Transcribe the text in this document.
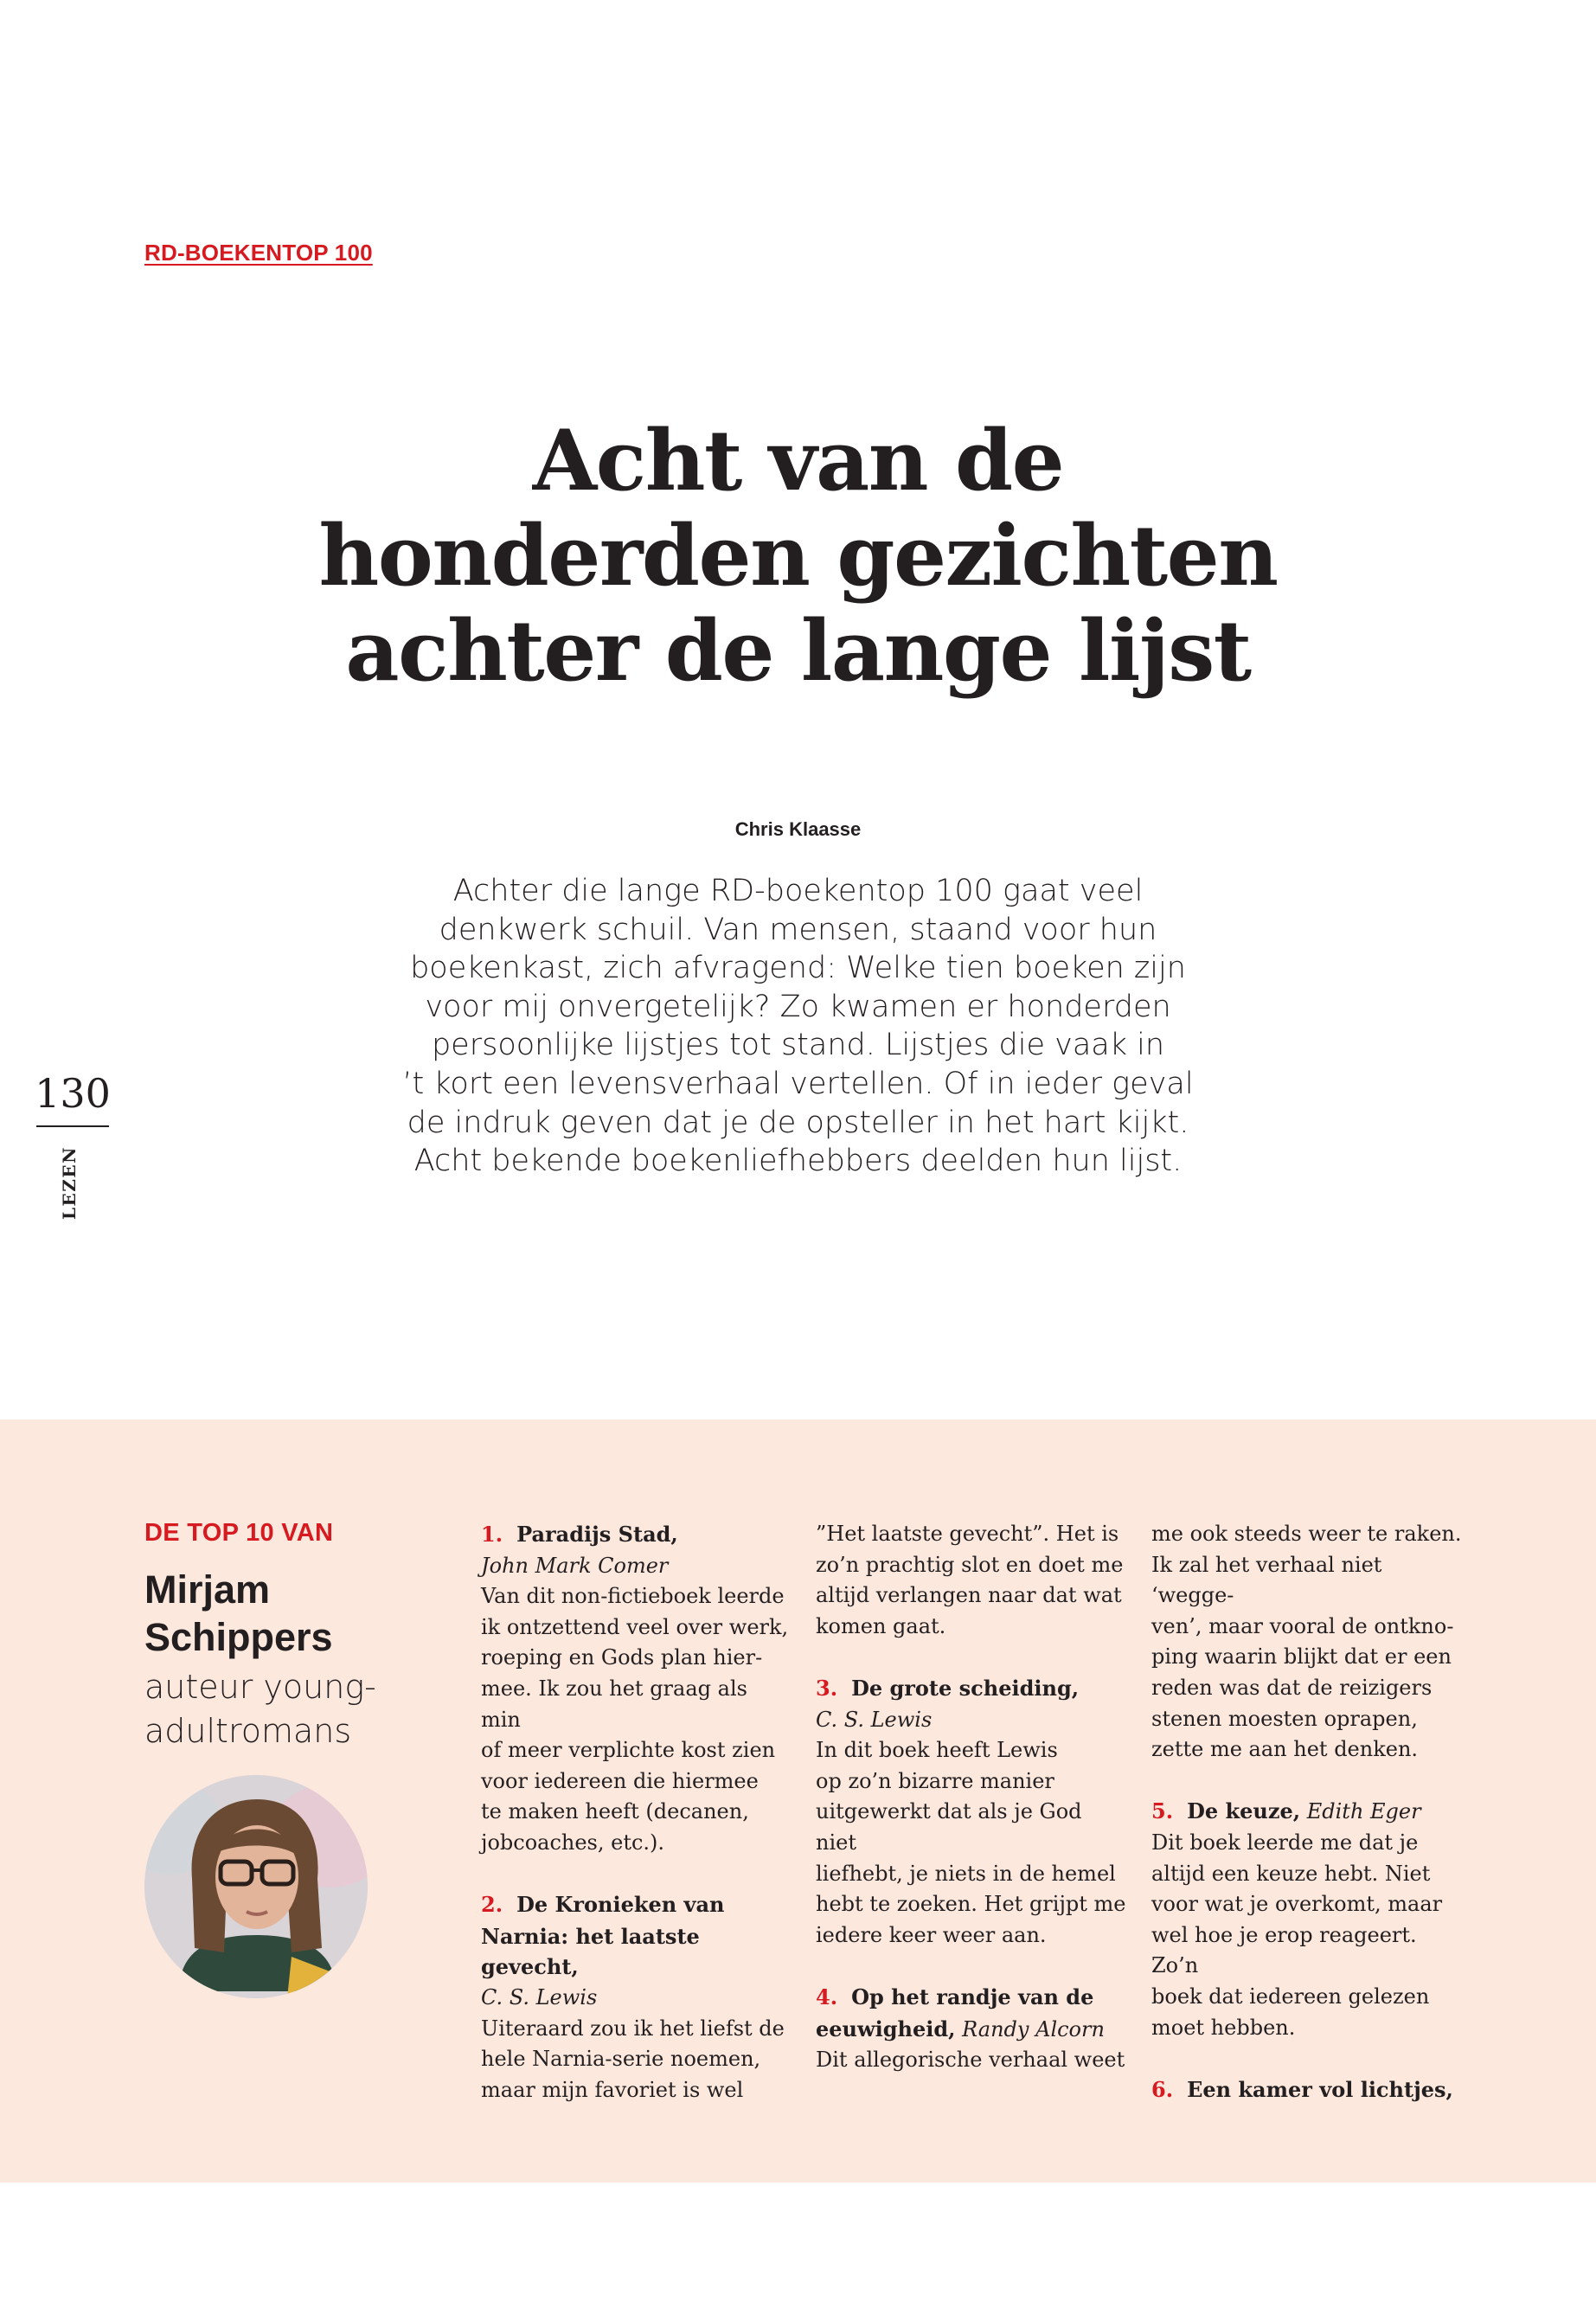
RD-BOEKENTOP 100

Acht van de
honderden gezichten
achter de lange lijst

Chris Klaasse

Achter die lange RD-boekentop 100 gaat veel
denkwerk schuil. Van mensen, staand voor hun
boekenkast, zich afvragend: Welke tien boeken zijn
voor mij onvergetelijk? Zo kwamen er honderden
persoonlijke lijstjes tot stand. Lijstjes die vaak in
’t kort een levensverhaal vertellen. Of in ieder geval
de indruk geven dat je de opsteller in het hart kijkt.
Acht bekende boekenliefhebbers deelden hun lijst.

130
LEZEN

DE TOP 10 VAN

Mirjam
Schippers

auteur young-
adultromans

1. Paradijs Stad,
John Mark Comer
Van dit non-fictieboek leerde
ik ontzettend veel over werk,
roeping en Gods plan hier-
mee. Ik zou het graag als min
of meer verplichte kost zien
voor iedereen die hiermee
te maken heeft (decanen,
jobcoaches, etc.).

2. De Kronieken van
Narnia: het laatste gevecht,
C. S. Lewis
Uiteraard zou ik het liefst de
hele Narnia-serie noemen,
maar mijn favoriet is wel

”Het laatste gevecht”. Het is
zo’n prachtig slot en doet me
altijd verlangen naar dat wat
komen gaat.

3. De grote scheiding,
C. S. Lewis
In dit boek heeft Lewis
op zo’n bizarre manier
uitgewerkt dat als je God niet
liefhebt, je niets in de hemel
hebt te zoeken. Het grijpt me
iedere keer weer aan.

4. Op het randje van de
eeuwigheid, Randy Alcorn
Dit allegorische verhaal weet

me ook steeds weer te raken.
Ik zal het verhaal niet ‘wegge-
ven’, maar vooral de ontkno-
ping waarin blijkt dat er een
reden was dat de reizigers
stenen moesten oprapen,
zette me aan het denken.

5. De keuze, Edith Eger
Dit boek leerde me dat je
altijd een keuze hebt. Niet
voor wat je overkomt, maar
wel hoe je erop reageert. Zo’n
boek dat iedereen gelezen
moet hebben.

6. Een kamer vol lichtjes,
